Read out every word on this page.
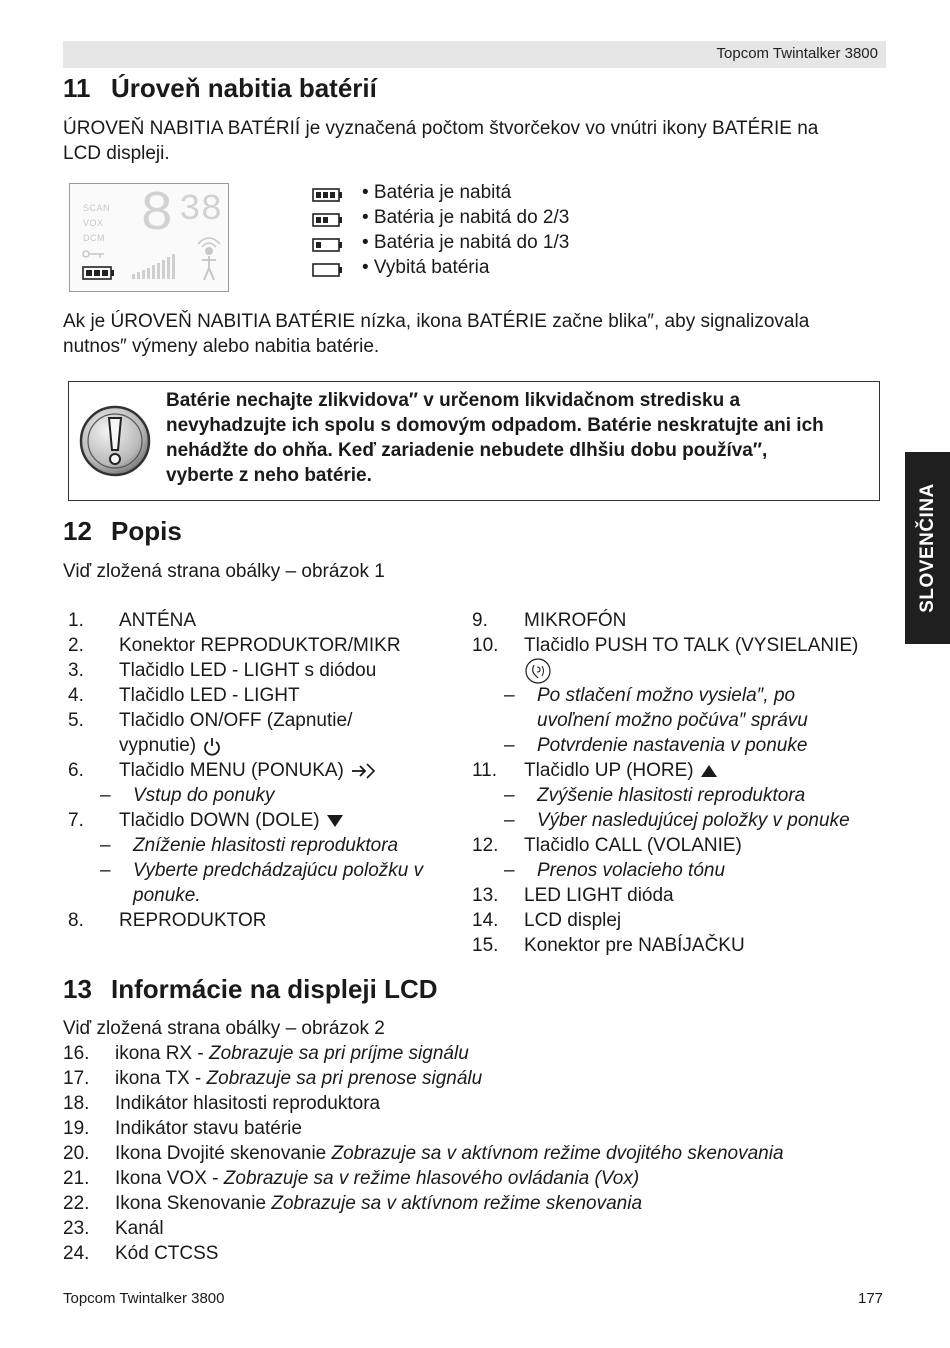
Topcom Twintalker 3800
11 Úroveň nabitia batérií
ÚROVEŇ NABITIA BATÉRIÍ je vyznačená počtom štvorčekov vo vnútri ikony BATÉRIE na
LCD displeji.
SCAN
VOX
DCM 8 38	• Batéria je nabitá
• Batéria je nabitá do 2/3
• Batéria je nabitá do 1/3
• Vybitá batéria
Ak je ÚROVEŇ NABITIA BATÉRIE nízka, ikona BATÉRIE začne blika″, aby signalizovala
nutnos″ výmeny alebo nabitia batérie.
Batérie nechajte zlikvidova″ v určenom likvidačnom stredisku a
nevyhadzujte ich spolu s domovým odpadom. Batérie neskratujte ani ich
nehádžte do ohňa. Keď zariadenie nebudete dlhšiu dobu používa″,
vyberte z neho batérie.
SLOVENČINA
12 Popis
Viď zložená strana obálky – obrázok 1
1. ANTÉNA
2. Konektor REPRODUKTOR/MIKR
3. Tlačidlo LED - LIGHT s diódou
4. Tlačidlo LED - LIGHT
5. Tlačidlo ON/OFF (Zapnutie/
vypnutie)
6. Tlačidlo MENU (PONUKA)
– Vstup do ponuky
7. Tlačidlo DOWN (DOLE)
– Zníženie hlasitosti reproduktora
– Vyberte predchádzajúcu položku v
ponuke.
8. REPRODUKTOR
9. MIKROFÓN
10. Tlačidlo PUSH TO TALK (VYSIELANIE)
– Po stlačení možno vysiela″, po
uvoľnení možno počúva″ správu
– Potvrdenie nastavenia v ponuke
11. Tlačidlo UP (HORE)
– Zvýšenie hlasitosti reproduktora
– Výber nasledujúcej položky v ponuke
12. Tlačidlo CALL (VOLANIE)
– Prenos volacieho tónu
13. LED LIGHT dióda
14. LCD displej
15. Konektor pre NABÍJAČKU
13 Informácie na displeji LCD
Viď zložená strana obálky – obrázok 2
16. ikona RX - Zobrazuje sa pri príjme signálu
17. ikona TX - Zobrazuje sa pri prenose signálu
18. Indikátor hlasitosti reproduktora
19. Indikátor stavu batérie
20. Ikona Dvojité skenovanie Zobrazuje sa v aktívnom režime dvojitého skenovania
21. Ikona VOX - Zobrazuje sa v režime hlasového ovládania (Vox)
22. Ikona Skenovanie Zobrazuje sa v aktívnom režime skenovania
23. Kanál
24. Kód CTCSS
Topcom Twintalker 3800	177
